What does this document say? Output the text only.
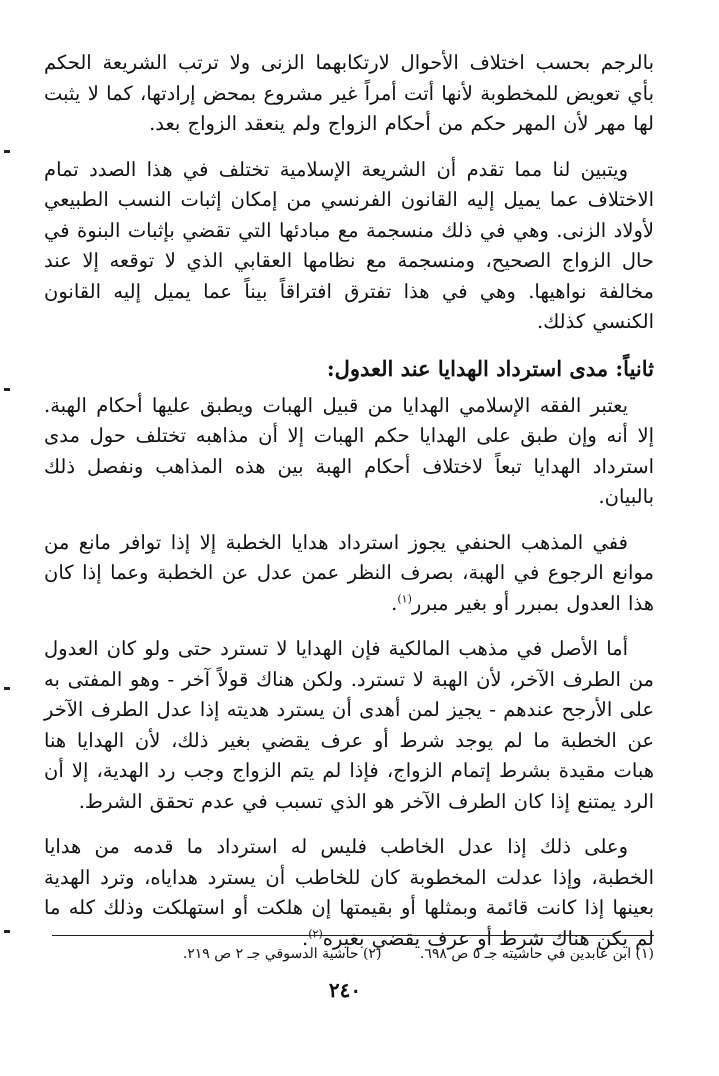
بالرجم بحسب اختلاف الأحوال لارتكابهما الزنى ولا ترتب الشريعة الحكم بأي تعويض للمخطوبة لأنها أتت أمراً غير مشروع بمحض إرادتها، كما لا يثبت لها مهر لأن المهر حكم من أحكام الزواج ولم ينعقد الزواج بعد.

ويتبين لنا مما تقدم أن الشريعة الإسلامية تختلف في هذا الصدد تمام الاختلاف عما يميل إليه القانون الفرنسي من إمكان إثبات النسب الطبيعي لأولاد الزنى. وهي في ذلك منسجمة مع مبادئها التي تقضي بإثبات البنوة في حال الزواج الصحيح، ومنسجمة مع نظامها العقابي الذي لا توقعه إلا عند مخالفة نواهيها. وهي في هذا تفترق افتراقاً بيناً عما يميل إليه القانون الكنسي كذلك.

ثانياً: مدى استرداد الهدايا عند العدول:

يعتبر الفقه الإسلامي الهدايا من قبيل الهبات ويطبق عليها أحكام الهبة. إلا أنه وإن طبق على الهدايا حكم الهبات إلا أن مذاهبه تختلف حول مدى استرداد الهدايا تبعاً لاختلاف أحكام الهبة بين هذه المذاهب ونفصل ذلك بالبيان.

ففي المذهب الحنفي يجوز استرداد هدايا الخطبة إلا إذا توافر مانع من موانع الرجوع في الهبة، بصرف النظر عمن عدل عن الخطبة وعما إذا كان هذا العدول بمبرر أو بغير مبرر$^{(١)}$.

أما الأصل في مذهب المالكية فإن الهدايا لا تسترد حتى ولو كان العدول من الطرف الآخر، لأن الهبة لا تسترد. ولكن هناك قولاً آخر - وهو المفتى به على الأرجح عندهم - يجيز لمن أهدى أن يسترد هديته إذا عدل الطرف الآخر عن الخطبة ما لم يوجد شرط أو عرف يقضي بغير ذلك، لأن الهدايا هنا هبات مقيدة بشرط إتمام الزواج، فإذا لم يتم الزواج وجب رد الهدية، إلا أن الرد يمتنع إذا كان الطرف الآخر هو الذي تسبب في عدم تحقق الشرط.

وعلى ذلك إذا عدل الخاطب فليس له استرداد ما قدمه من هدايا الخطبة، وإذا عدلت المخطوبة كان للخاطب أن يسترد هداياه، وترد الهدية بعينها إذا كانت قائمة وبمثلها أو بقيمتها إن هلكت أو استهلكت وذلك كله ما لم يكن هناك شرط أو عرف يقضي بغيره$^{(٢)}$.

(١) ابن عابدين في حاشيته جـ ٥ ص ٦٩٨. (٢) حاشية الدسوقي جـ ٢ ص ٢١٩.
٢٤٠
